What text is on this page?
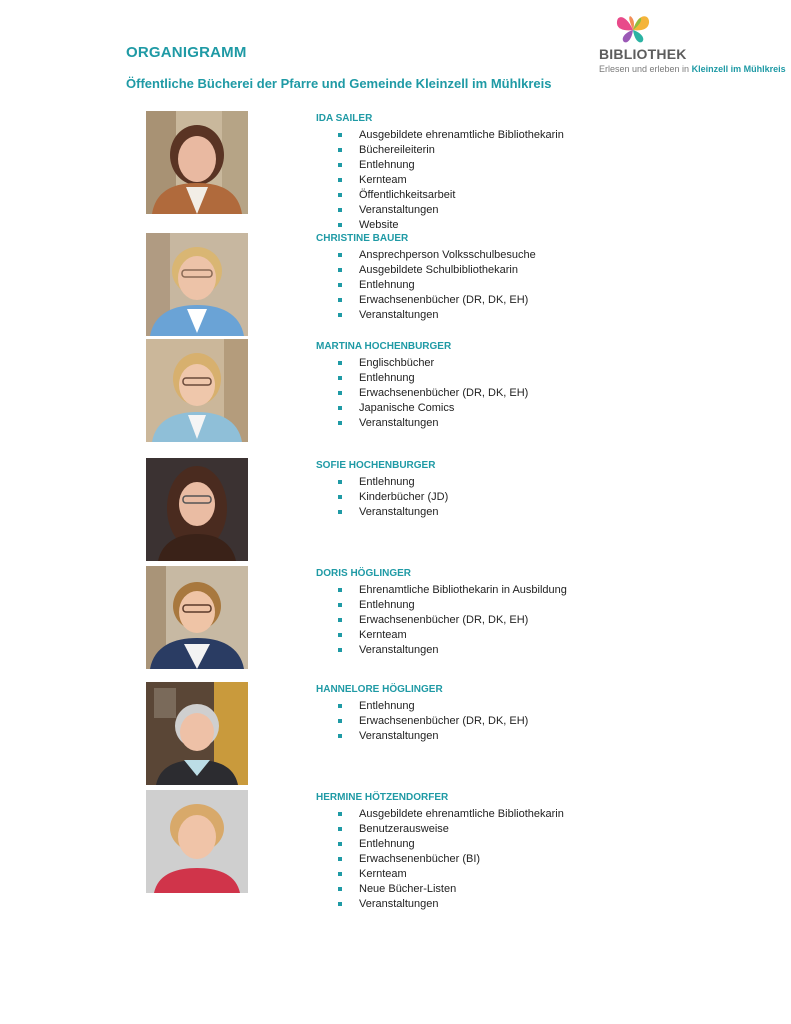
ORGANIGRAMM
Öffentliche Bücherei der Pfarre und Gemeinde Kleinzell im Mühlkreis
BIBLIOTHEK
Erlesen und erleben in Kleinzell im Mühlkreis
IDA SAILER
Ausgebildete ehrenamtliche Bibliothekarin
Büchereileiterin
Entlehnung
Kernteam
Öffentlichkeitsarbeit
Veranstaltungen
Website
CHRISTINE BAUER
Ansprechperson Volksschulbesuche
Ausgebildete Schulbibliothekarin
Entlehnung
Erwachsenenbücher (DR, DK, EH)
Veranstaltungen
MARTINA HOCHENBURGER
Englischbücher
Entlehnung
Erwachsenenbücher (DR, DK, EH)
Japanische Comics
Veranstaltungen
SOFIE HOCHENBURGER
Entlehnung
Kinderbücher (JD)
Veranstaltungen
DORIS HÖGLINGER
Ehrenamtliche Bibliothekarin in Ausbildung
Entlehnung
Erwachsenenbücher (DR, DK, EH)
Kernteam
Veranstaltungen
HANNELORE HÖGLINGER
Entlehnung
Erwachsenenbücher (DR, DK, EH)
Veranstaltungen
HERMINE HÖTZENDORFER
Ausgebildete ehrenamtliche Bibliothekarin
Benutzerausweise
Entlehnung
Erwachsenenbücher (BI)
Kernteam
Neue Bücher-Listen
Veranstaltungen
